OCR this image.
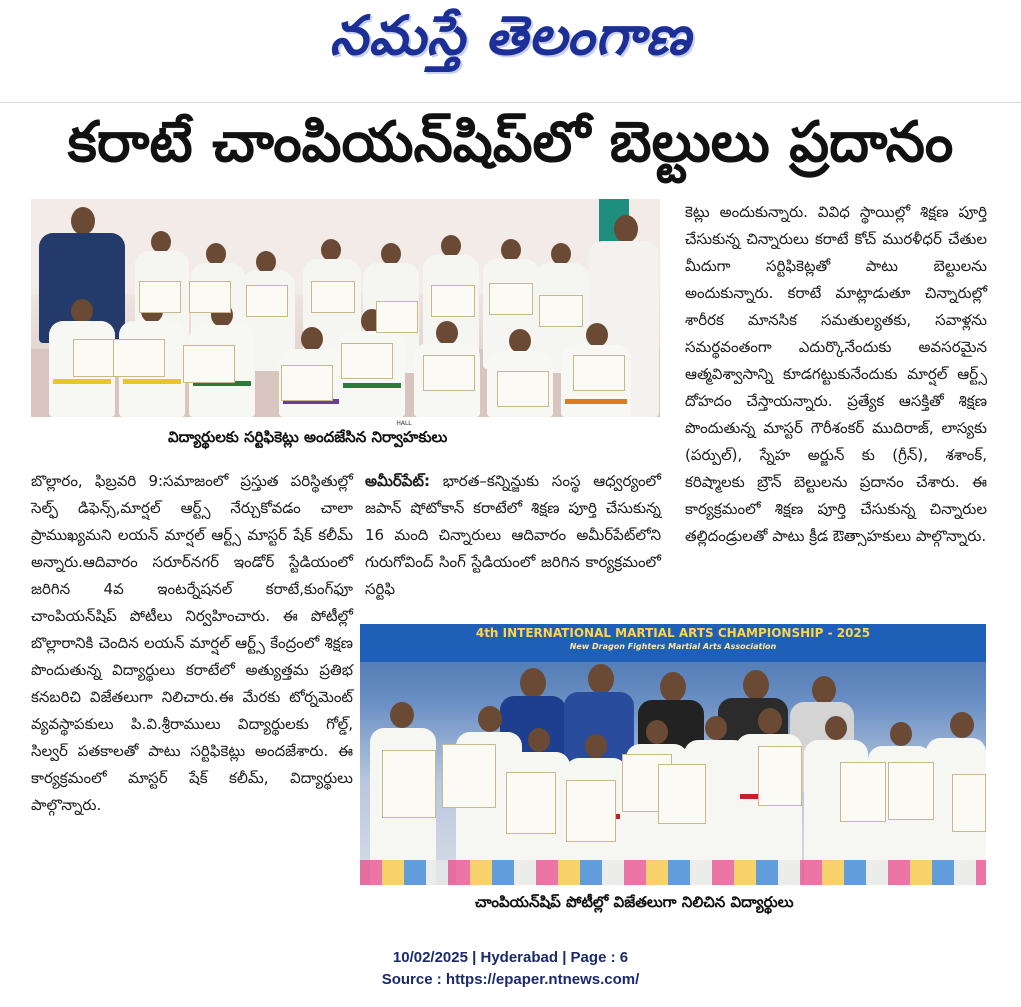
నమస్తే తెలంగాణ
కరాటే చాంపియన్‌షిప్‌లో బెల్టులు ప్రదానం
HALL
విద్యార్థులకు సర్టిఫికెట్లు అందజేసిన నిర్వాహకులు

బొల్లారం, ఫిబ్రవరి 9:సమాజంలో ప్రస్తుత పరిస్థితుల్లో సెల్ఫ్ డిఫెన్స్,మార్షల్ ఆర్ట్స్ నేర్చుకోవడం చాలా ప్రాముఖ్యమని లయన్ మార్షల్ ఆర్ట్స్ మాస్టర్ షేక్ కలీమ్ అన్నారు.ఆదివారం సరూర్‌నగర్ ఇండోర్ స్టేడియంలో జరిగిన 4వ ఇంటర్నేషనల్ కరాటే,కుంగ్‌ఫూ చాంపియన్‌షిప్ పోటీలు నిర్వహించారు. ఈ పోటీల్లో బొల్లారానికి చెందిన లయన్ మార్షల్ ఆర్ట్స్ కేంద్రంలో శిక్షణ పొందుతున్న విద్యార్థులు కరాటేలో అత్యుత్తమ ప్రతిభ కనబరిచి విజేతలుగా నిలిచారు.ఈ మేరకు టోర్నమెంట్ వ్యవస్థాపకులు పి.వి.శ్రీరాములు విద్యార్థులకు గోల్డ్, సిల్వర్ పతకాలతో పాటు సర్టిఫికెట్లు అందజేశారు. ఈ కార్యక్రమంలో మాస్టర్ షేక్ కలీమ్, విద్యార్థులు పాల్గొన్నారు.

అమీర్‌పేట్: భారత–కన్నిన్జుకు సంస్థ ఆధ్వర్యంలో జపాన్ షోటోకాన్ కరాటేలో శిక్షణ పూర్తి చేసుకున్న 16 మంది చిన్నారులు ఆదివారం అమీర్‌పేట్‌లోని గురుగోవింద్ సింగ్ స్టేడియంలో జరిగిన కార్యక్రమంలో సర్టిఫి

కెట్లు అందుకున్నారు. వివిధ స్థాయిల్లో శిక్షణ పూర్తి చేసుకున్న చిన్నారులు కరాటే కోచ్ మురళీధర్ చేతుల మీదుగా సర్టిఫికెట్లతో పాటు బెల్టులను అందుకున్నారు. కరాటే మాట్లాడుతూ చిన్నారుల్లో శారీరక మానసిక సమతుల్యతకు, సవాళ్లను సమర్థవంతంగా ఎదుర్కొనేందుకు అవసరమైన ఆత్మవిశ్వాసాన్ని కూడగట్టుకునేందుకు మార్షల్ ఆర్ట్స్ దోహదం చేస్తాయన్నారు. ప్రత్యేక ఆసక్తితో శిక్షణ పొందుతున్న మాస్టర్ గౌరీశంకర్ ముదిరాజ్, లాస్యకు (పర్పుల్), స్నేహ అర్జున్ కు (గ్రీన్), శశాంక్, కరిష్మాలకు బ్రౌన్ బెల్టులను ప్రదానం చేశారు. ఈ కార్యక్రమంలో శిక్షణ పూర్తి చేసుకున్న చిన్నారుల తల్లిదండ్రులతో పాటు క్రీడ ఔత్సాహకులు పాల్గొన్నారు.

4th INTERNATIONAL MARTIAL ARTS CHAMPIONSHIP - 2025
New Dragon Fighters Martial Arts Association
చాంపియన్‌షిప్ పోటీల్లో విజేతలుగా నిలిచిన విద్యార్థులు
10/02/2025 | Hyderabad | Page : 6
Source : https://epaper.ntnews.com/
